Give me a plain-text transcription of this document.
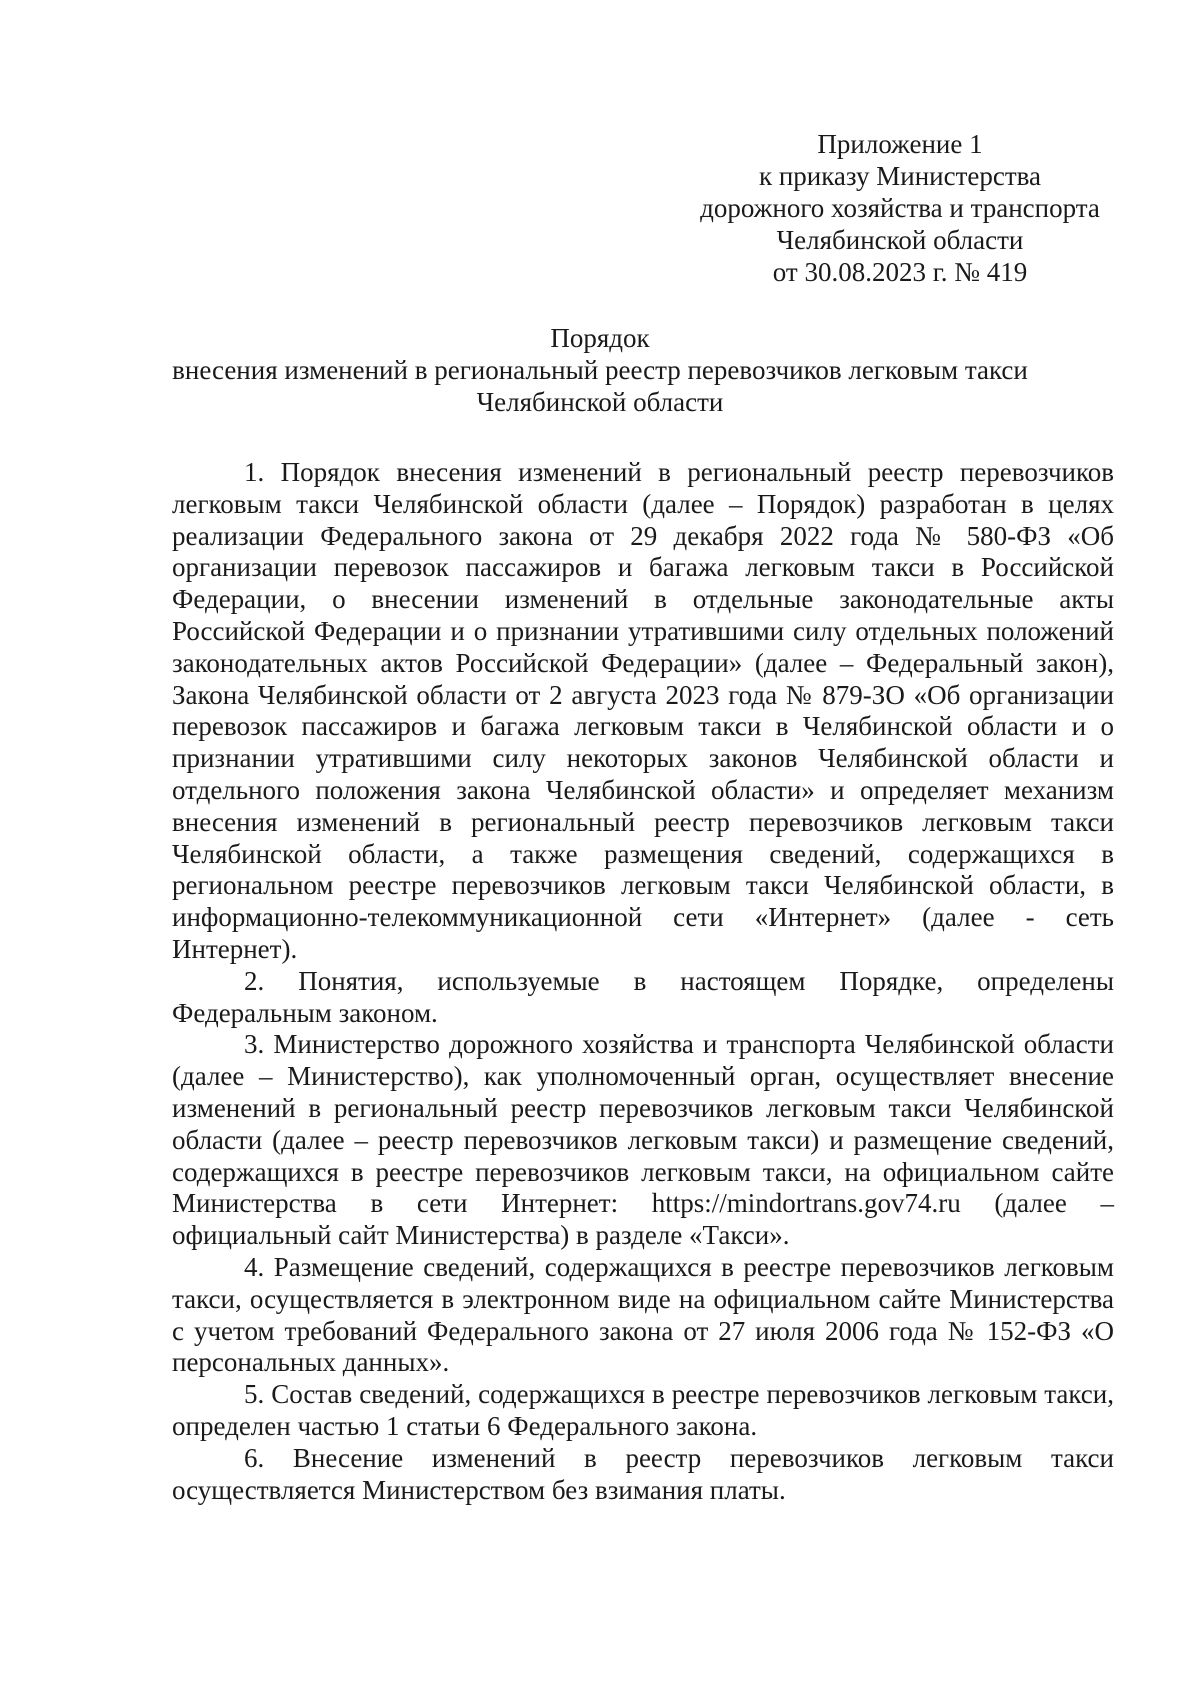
Приложение 1
к приказу Министерства
дорожного хозяйства и транспорта
Челябинской области
от 30.08.2023 г. № 419
Порядок
внесения изменений в региональный реестр перевозчиков легковым такси
Челябинской области

1. Порядок внесения изменений в региональный реестр перевозчиков легковым такси Челябинской области (далее – Порядок) разработан в целях реализации Федерального закона от 29 декабря 2022 года № 580-ФЗ «Об организации перевозок пассажиров и багажа легковым такси в Российской Федерации, о внесении изменений в отдельные законодательные акты Российской Федерации и о признании утратившими силу отдельных положений законодательных актов Российской Федерации» (далее – Федеральный закон), Закона Челябинской области от 2 августа 2023 года № 879-ЗО «Об организации перевозок пассажиров и багажа легковым такси в Челябинской области и о признании утратившими силу некоторых законов Челябинской области и отдельного положения закона Челябинской области» и определяет механизм внесения изменений в региональный реестр перевозчиков легковым такси Челябинской области, а также размещения сведений, содержащихся в региональном реестре перевозчиков легковым такси Челябинской области, в информационно-телекоммуникационной сети «Интернет» (далее - сеть Интернет).

2. Понятия, используемые в настоящем Порядке, определены Федеральным законом.

3. Министерство дорожного хозяйства и транспорта Челябинской области (далее – Министерство), как уполномоченный орган, осуществляет внесение изменений в региональный реестр перевозчиков легковым такси Челябинской области (далее – реестр перевозчиков легковым такси) и размещение сведений, содержащихся в реестре перевозчиков легковым такси, на официальном сайте Министерства в сети Интернет: https://mindortrans.gov74.ru (далее – официальный сайт Министерства) в разделе «Такси».

4. Размещение сведений, содержащихся в реестре перевозчиков легковым такси, осуществляется в электронном виде на официальном сайте Министерства с учетом требований Федерального закона от 27 июля 2006 года № 152-ФЗ «О персональных данных».

5. Состав сведений, содержащихся в реестре перевозчиков легковым такси, определен частью 1 статьи 6 Федерального закона.

6. Внесение изменений в реестр перевозчиков легковым такси осуществляется Министерством без взимания платы.
